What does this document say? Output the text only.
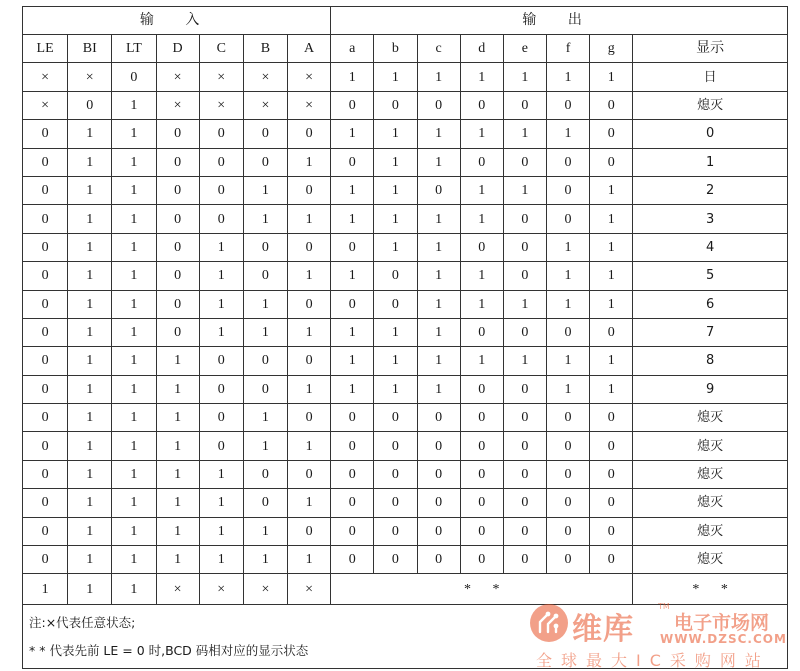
输 入							输 出							
LE	BI	LT	D	C	B	A	a	b	c	d	e	f	g	显示
×	×	0	×	×	×	×	1	1	1	1	1	1	1	日
×	0	1	×	×	×	×	0	0	0	0	0	0	0	熄灭
0	1	1	0	0	0	0	1	1	1	1	1	1	0	0
0	1	1	0	0	0	1	0	1	1	0	0	0	0	1
0	1	1	0	0	1	0	1	1	0	1	1	0	1	2
0	1	1	0	0	1	1	1	1	1	1	0	0	1	3
0	1	1	0	1	0	0	0	1	1	0	0	1	1	4
0	1	1	0	1	0	1	1	0	1	1	0	1	1	5
0	1	1	0	1	1	0	0	0	1	1	1	1	1	6
0	1	1	0	1	1	1	1	1	1	0	0	0	0	7
0	1	1	1	0	0	0	1	1	1	1	1	1	1	8
0	1	1	1	0	0	1	1	1	1	0	0	1	1	9
0	1	1	1	0	1	0	0	0	0	0	0	0	0	熄灭
0	1	1	1	0	1	1	0	0	0	0	0	0	0	熄灭
0	1	1	1	1	0	0	0	0	0	0	0	0	0	熄灭
0	1	1	1	1	0	1	0	0	0	0	0	0	0	熄灭
0	1	1	1	1	1	0	0	0	0	0	0	0	0	熄灭
0	1	1	1	1	1	1	0	0	0	0	0	0	0	熄灭
1	1	1	×	×	×	×	* *							* *

注:×代表任意状态;

* * 代表先前 LE = 0 时,BCD 码相对应的显示状态

维库
TM
电子市场网
WWW.DZSC.COM
全球最大IC采购网站
